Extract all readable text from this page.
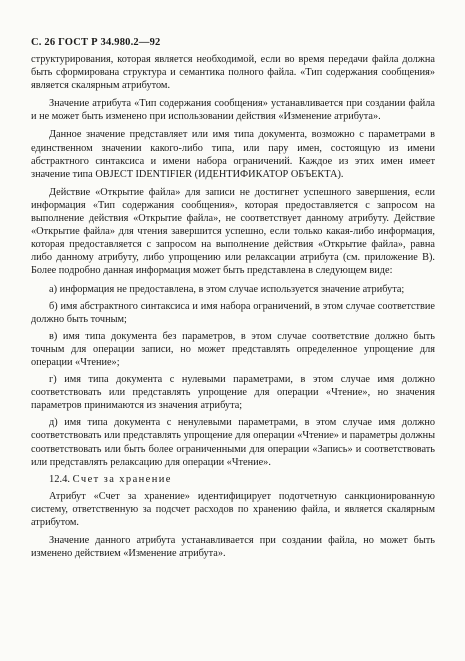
С. 26 ГОСТ Р 34.980.2—92

структурирования, которая является необходимой, если во время передачи файла должна быть сформирована структура и семантика полного файла. «Тип содержания сообщения» является скалярным атрибутом.

Значение атрибута «Тип содержания сообщения» устанавливается при создании файла и не может быть изменено при использовании действия «Изменение атрибута».

Данное значение представляет или имя типа документа, возможно с параметрами в единственном значении какого-либо типа, или пару имен, состоящую из имени абстрактного синтаксиса и имени набора ограничений. Каждое из этих имен имеет значение типа OBJECT IDENTIFIER (ИДЕНТИФИКАТОР ОБЪЕКТА).

Действие «Открытие файла» для записи не достигнет успешного завершения, если информация «Тип содержания сообщения», которая предоставляется с запросом на выполнение действия «Открытие файла», не соответствует данному атрибуту. Действие «Открытие файла» для чтения завершится успешно, если только какая-либо информация, которая предоставляется с запросом на выполнение действия «Открытие файла», равна либо данному атрибуту, либо упрощению или релаксации атрибута (см. приложение В). Более подробно данная информация может быть представлена в следующем виде:

а) информация не предоставлена, в этом случае используется значение атрибута;

б) имя абстрактного синтаксиса и имя набора ограничений, в этом случае соответствие должно быть точным;

в) имя типа документа без параметров, в этом случае соответствие должно быть точным для операции записи, но может представлять определенное упрощение для операции «Чтение»;

г) имя типа документа с нулевыми параметрами, в этом случае имя должно соответствовать или представлять упрощение для операции «Чтение», но значения параметров принимаются из значения атрибута;

д) имя типа документа с ненулевыми параметрами, в этом случае имя должно соответствовать или представлять упрощение для операции «Чтение» и параметры должны соответствовать или быть более ограниченными для операции «Запись» и соответствовать или представлять релаксацию для операции «Чтение».

12.4. Счет за хранение

Атрибут «Счет за хранение» идентифицирует подотчетную санкционированную систему, ответственную за подсчет расходов по хранению файла, и является скалярным атрибутом.

Значение данного атрибута устанавливается при создании файла, но может быть изменено действием «Изменение атрибута».
